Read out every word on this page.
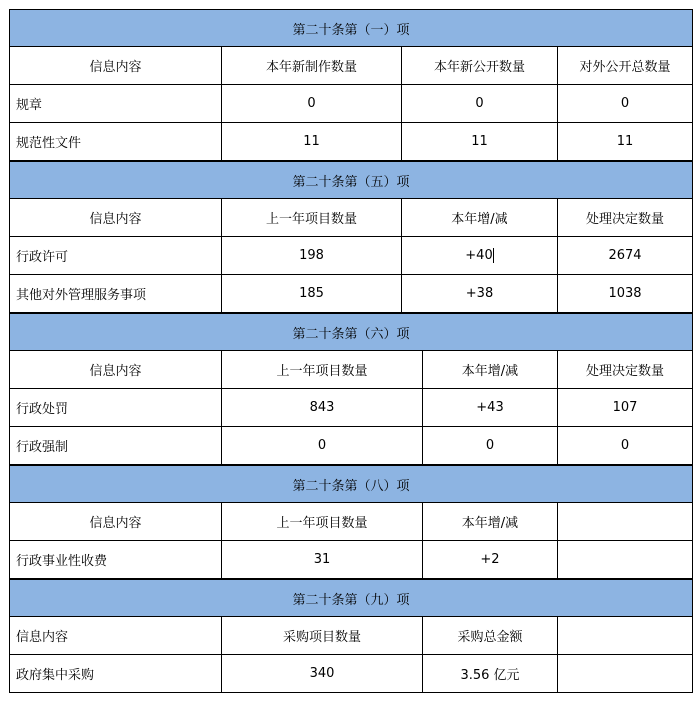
第二十条第（一）项			
信息内容	本年新制作数量	本年新公开数量	对外公开总数量
规章	0	0	0
规范性文件	11	11	11
第二十条第（五）项			
信息内容	上一年项目数量	本年增/减	处理决定数量
行政许可	198	+40	2674
其他对外管理服务事项	185	+38	1038
第二十条第（六）项			
信息内容	上一年项目数量	本年增/减	处理决定数量
行政处罚	843	+43	107
行政强制	0	0	0
第二十条第（八）项			
信息内容	上一年项目数量	本年增/减	
行政事业性收费	31	+2	
第二十条第（九）项			
信息内容	采购项目数量	采购总金额	
政府集中采购	340	3.56 亿元	
